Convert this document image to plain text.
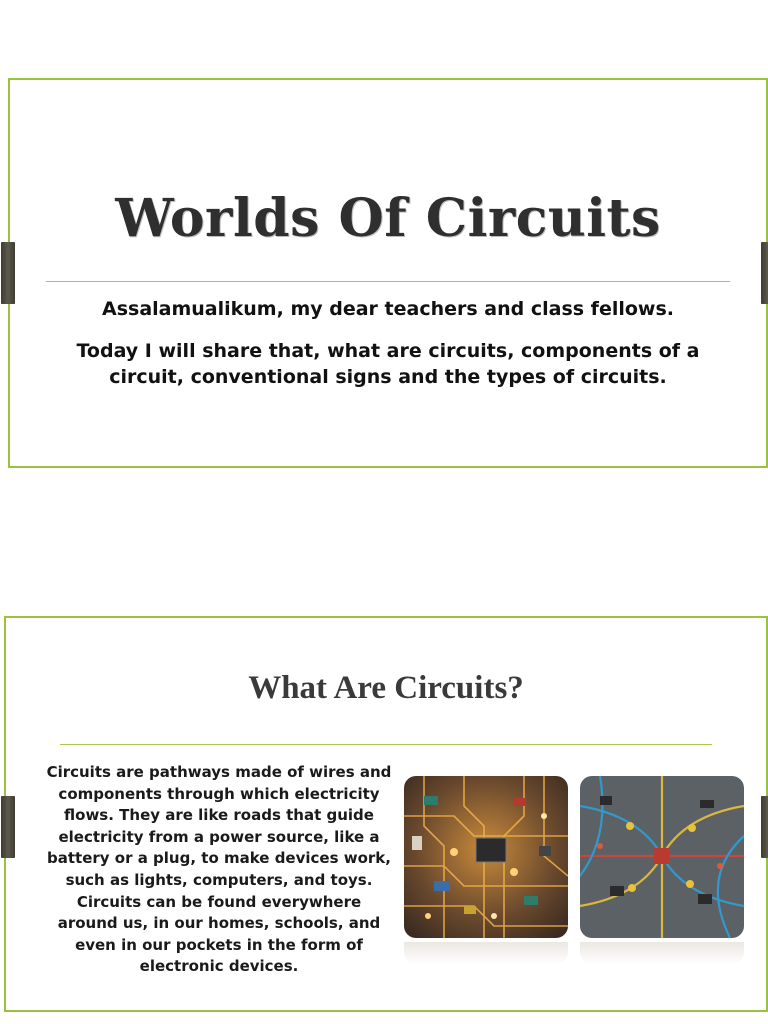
Worlds Of Circuits

Assalamualikum, my dear teachers and class fellows.

Today I will share that, what are circuits, components of a circuit, conventional signs and the types of circuits.

What Are Circuits?

Circuits are pathways made of wires and components through which electricity flows. They are like roads that guide electricity from a power source, like a battery or a plug, to make devices work, such as lights, computers, and toys. Circuits can be found everywhere around us, in our homes, schools, and even in our pockets in the form of electronic devices.
